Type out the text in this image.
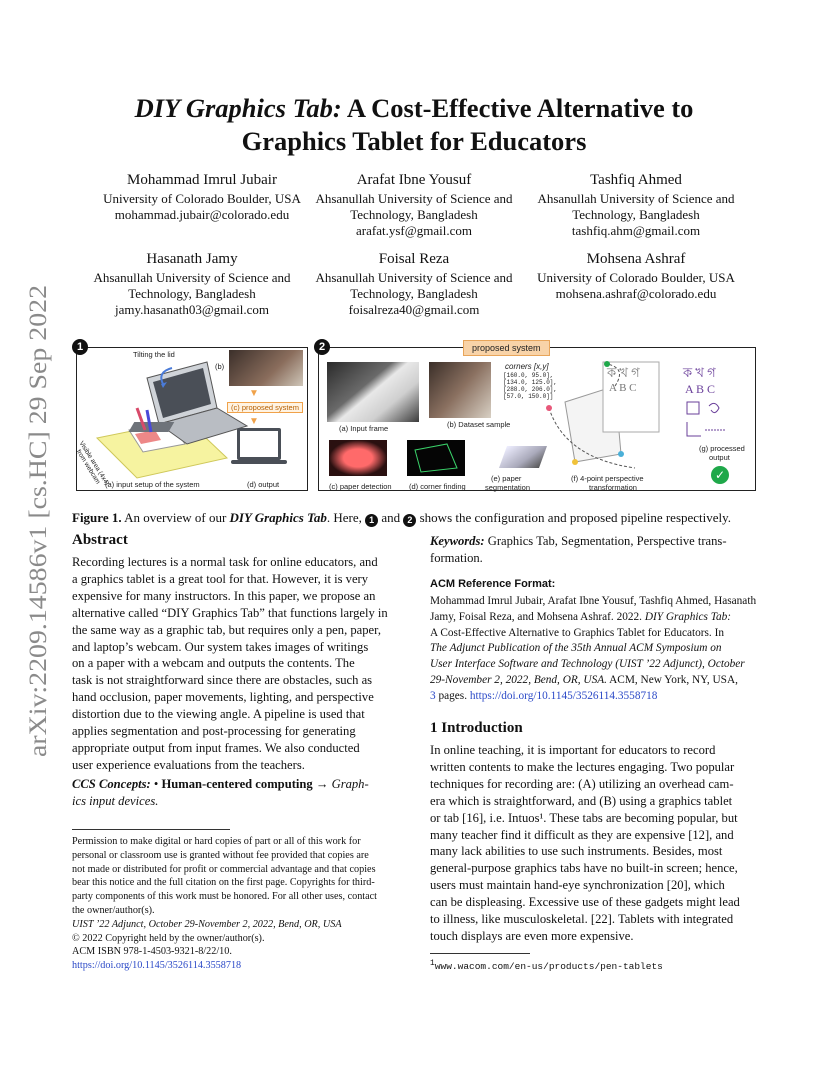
arXiv:2209.14586v1 [cs.HC] 29 Sep 2022
DIY Graphics Tab: A Cost-Effective Alternative to
Graphics Tablet for Educators
Mohammad Imrul Jubair
University of Colorado Boulder, USA
mohammad.jubair@colorado.edu
Arafat Ibne Yousuf
Ahsanullah University of Science and
Technology, Bangladesh
arafat.ysf@gmail.com
Tashfiq Ahmed
Ahsanullah University of Science and
Technology, Bangladesh
tashfiq.ahm@gmail.com
Hasanath Jamy
Ahsanullah University of Science and
Technology, Bangladesh
jamy.hasanath03@gmail.com
Foisal Reza
Ahsanullah University of Science and
Technology, Bangladesh
foisalreza40@gmail.com
Mohsena Ashraf
University of Colorado Boulder, USA
mohsena.ashraf@colorado.edu
Tilting the lid
(b)
▼
(c) proposed system
▼
Visible area (4x4) from webcam (a) input setup of the system	(d) output
1	proposed system
(a) Input frame	(b) Dataset sample
corners [x,y]
[160.0, 95.0],
[134.0, 125.0],
[288.0, 206.0],
[57.0, 150.0]]
(c) paper detection (d) corner finding
(e) paper
segmentation
(f) 4-point perspective
transformation
ক খ গ
A B C
ক খ গ
A B C
(g) processed
output
✓
2
Figure 1. An overview of our DIY Graphics Tab. Here, 1 and 2 shows the configuration and proposed pipeline respectively.
Abstract
Recording lectures is a normal task for online educators, and
a graphics tablet is a great tool for that. However, it is very
expensive for many instructors. In this paper, we propose an
alternative called “DIY Graphics Tab” that functions largely in
the same way as a graphic tab, but requires only a pen, paper,
and laptop’s webcam. Our system takes images of writings
on a paper with a webcam and outputs the contents. The
task is not straightforward since there are obstacles, such as
hand occlusion, paper movements, lighting, and perspective
distortion due to the viewing angle. A pipeline is used that
applies segmentation and post-processing for generating
appropriate output from input frames. We also conducted
user experience evaluations from the teachers.
CCS Concepts: • Human-centered computing → Graph-
ics input devices.
Keywords: Graphics Tab, Segmentation, Perspective trans-
formation.
ACM Reference Format:
Mohammad Imrul Jubair, Arafat Ibne Yousuf, Tashfiq Ahmed, Hasanath
Jamy, Foisal Reza, and Mohsena Ashraf. 2022. DIY Graphics Tab:
A Cost-Effective Alternative to Graphics Tablet for Educators. In
The Adjunct Publication of the 35th Annual ACM Symposium on
User Interface Software and Technology (UIST ’22 Adjunct), October
29-November 2, 2022, Bend, OR, USA. ACM, New York, NY, USA,
3 pages. https://doi.org/10.1145/3526114.3558718
1 Introduction
In online teaching, it is important for educators to record
written contents to make the lectures engaging. Two popular
techniques for recording are: (A) utilizing an overhead cam-
era which is straightforward, and (B) using a graphics tablet
or tab [16], i.e. Intuos¹. These tabs are becoming popular, but
many teacher find it difficult as they are expensive [12], and
many lack abilities to use such instruments. Besides, most
general-purpose graphics tabs have no built-in screen; hence,
users must maintain hand-eye synchronization [20], which
can be displeasing. Excessive use of these gadgets might lead
to illness, like musculoskeletal. [22]. Tablets with integrated
touch displays are even more expensive.
Permission to make digital or hard copies of part or all of this work for
personal or classroom use is granted without fee provided that copies are
not made or distributed for profit or commercial advantage and that copies
bear this notice and the full citation on the first page. Copyrights for third-
party components of this work must be honored. For all other uses, contact
the owner/author(s).
UIST ’22 Adjunct, October 29-November 2, 2022, Bend, OR, USA
© 2022 Copyright held by the owner/author(s).
ACM ISBN 978-1-4503-9321-8/22/10.
https://doi.org/10.1145/3526114.3558718	$^1$www.wacom.com/en-us/products/pen-tablets
